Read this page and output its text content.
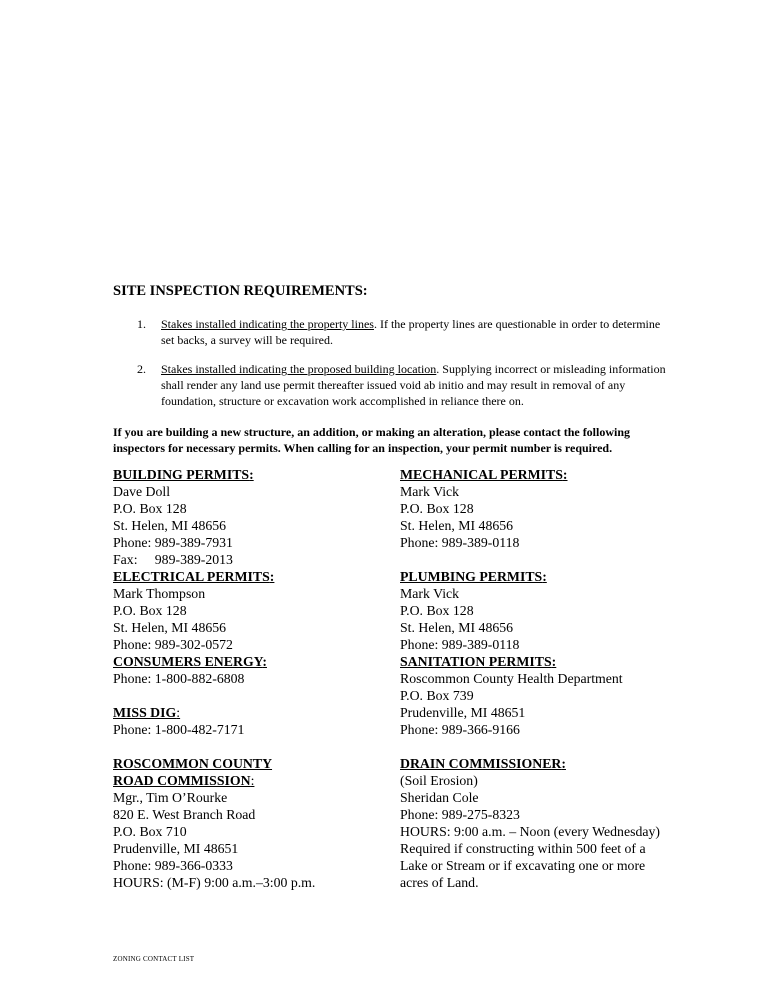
SITE INSPECTION REQUIREMENTS:
1. Stakes installed indicating the property lines. If the property lines are questionable in order to determine set backs, a survey will be required.
2. Stakes installed indicating the proposed building location. Supplying incorrect or misleading information shall render any land use permit thereafter issued void ab initio and may result in removal of any foundation, structure or excavation work accomplished in reliance there on.
If you are building a new structure, an addition, or making an alteration, please contact the following inspectors for necessary permits. When calling for an inspection, your permit number is required.
BUILDING PERMITS:
Dave Doll
P.O. Box 128
St. Helen, MI 48656
Phone: 989-389-7931
Fax:     989-389-2013
MECHANICAL PERMITS:
Mark Vick
P.O. Box 128
St. Helen, MI 48656
Phone: 989-389-0118
ELECTRICAL PERMITS:
Mark Thompson
P.O. Box 128
St. Helen, MI 48656
Phone: 989-302-0572
PLUMBING PERMITS:
Mark Vick
P.O. Box 128
St. Helen, MI 48656
Phone: 989-389-0118
CONSUMERS ENERGY:
Phone: 1-800-882-6808
SANITATION PERMITS:
Roscommon County Health Department
P.O. Box 739
Prudenville, MI 48651
Phone: 989-366-9166
MISS DIG:
Phone: 1-800-482-7171
ROSCOMMON COUNTY
ROAD COMMISSION:
Mgr., Tim O’Rourke
820 E. West Branch Road
P.O. Box 710
Prudenville, MI 48651
Phone: 989-366-0333
HOURS: (M-F) 9:00 a.m.–3:00 p.m.
DRAIN COMMISSIONER:
(Soil Erosion)
Sheridan Cole
Phone: 989-275-8323
HOURS: 9:00 a.m. – Noon (every Wednesday)
Required if constructing within 500 feet of a
Lake or Stream or if excavating one or more
acres of Land.
ZONING CONTACT LIST
